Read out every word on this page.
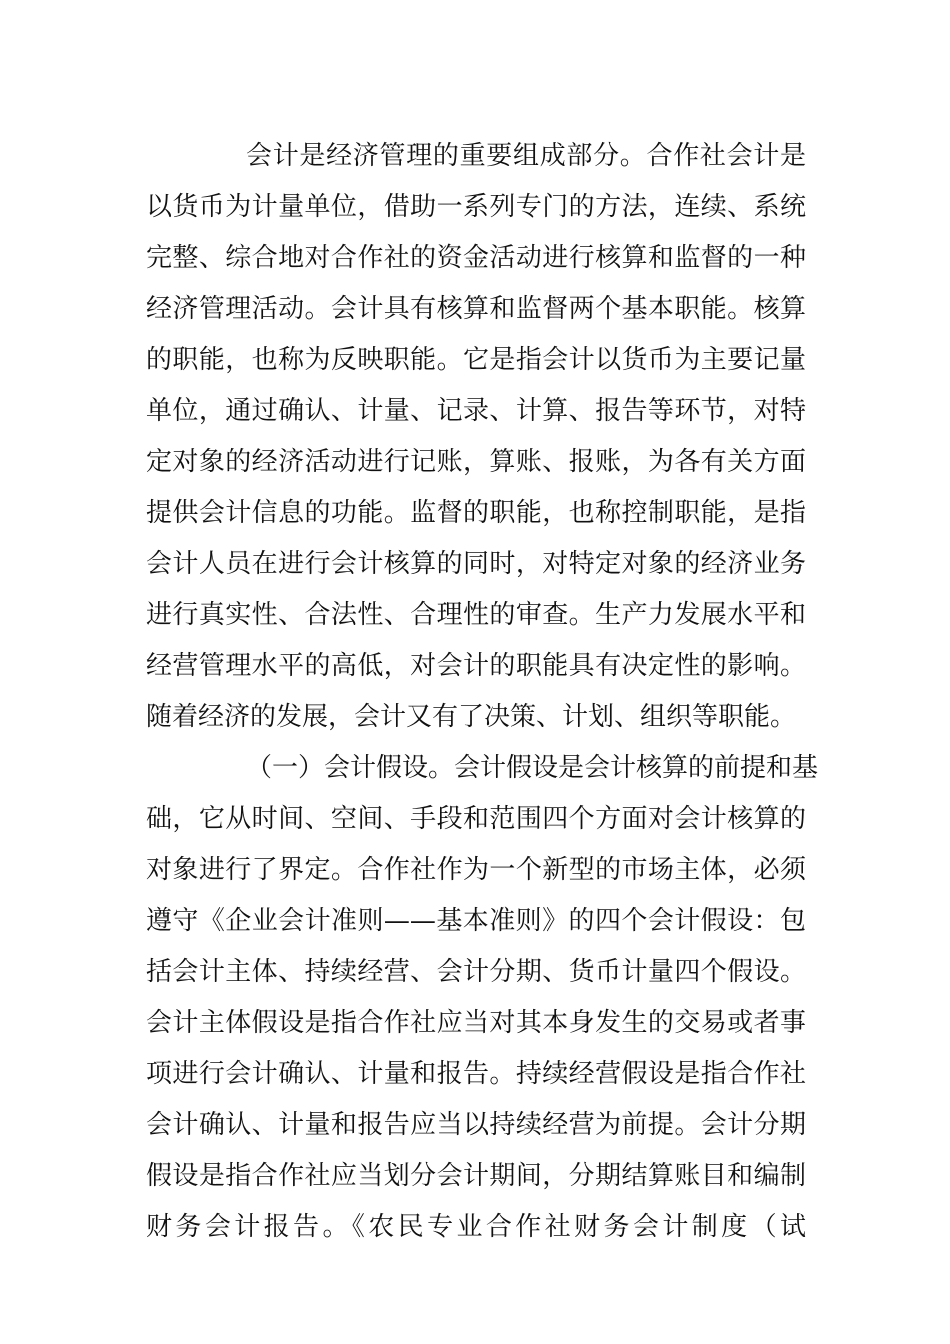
会计是经济管理的重要组成部分。合作社会计是
以货币为计量单位，借助一系列专门的方法，连续、系统
完整、综合地对合作社的资金活动进行核算和监督的一种
经济管理活动。会计具有核算和监督两个基本职能。核算
的职能，也称为反映职能。它是指会计以货币为主要记量
单位，通过确认、计量、记录、计算、报告等环节，对特
定对象的经济活动进行记账，算账、报账，为各有关方面
提供会计信息的功能。监督的职能，也称控制职能，是指
会计人员在进行会计核算的同时，对特定对象的经济业务
进行真实性、合法性、合理性的审查。生产力发展水平和
经营管理水平的高低，对会计的职能具有决定性的影响。
随着经济的发展，会计又有了决策、计划、组织等职能。
（一）会计假设。会计假设是会计核算的前提和基
础，它从时间、空间、手段和范围四个方面对会计核算的
对象进行了界定。合作社作为一个新型的市场主体，必须
遵守《企业会计准则——基本准则》的四个会计假设：包
括会计主体、持续经营、会计分期、货币计量四个假设。
会计主体假设是指合作社应当对其本身发生的交易或者事
项进行会计确认、计量和报告。持续经营假设是指合作社
会计确认、计量和报告应当以持续经营为前提。会计分期
假设是指合作社应当划分会计期间，分期结算账目和编制
财务会计报告。《农民专业合作社财务会计制度（试
